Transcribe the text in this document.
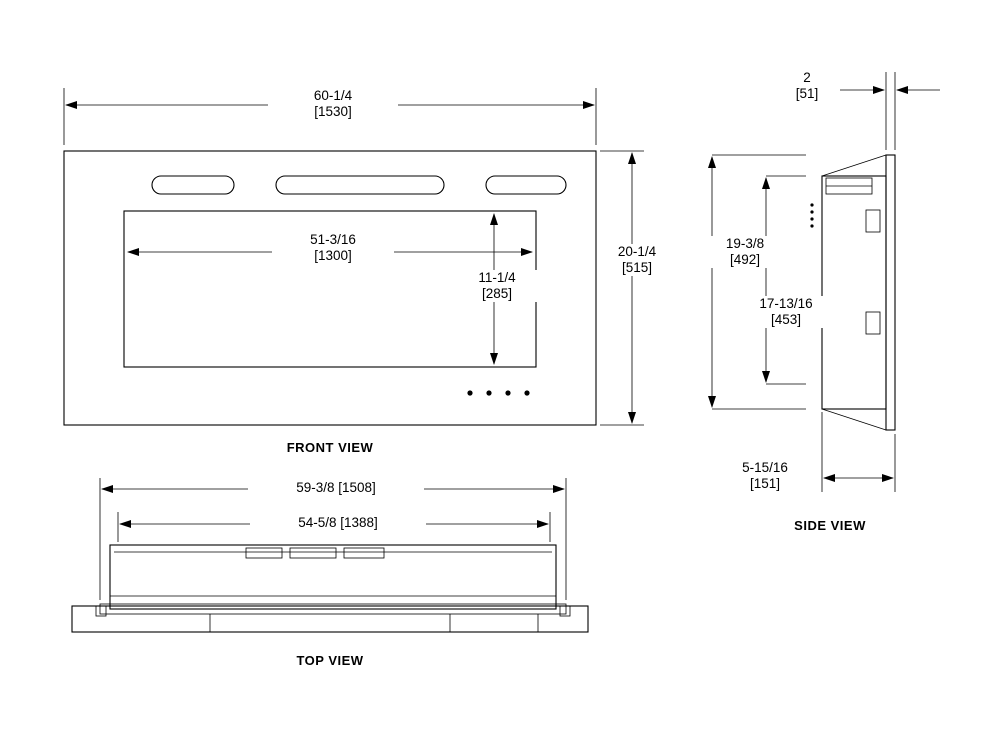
60-1/4
[1530]
51-3/16
[1300]
11-1/4
[285]
20-1/4
[515]
2
[51]
19-3/8
[492]
17-13/16
[453]
5-15/16
[151]
59-3/8 [1508]
54-5/8 [1388]
FRONT VIEW
SIDE VIEW
TOP VIEW
